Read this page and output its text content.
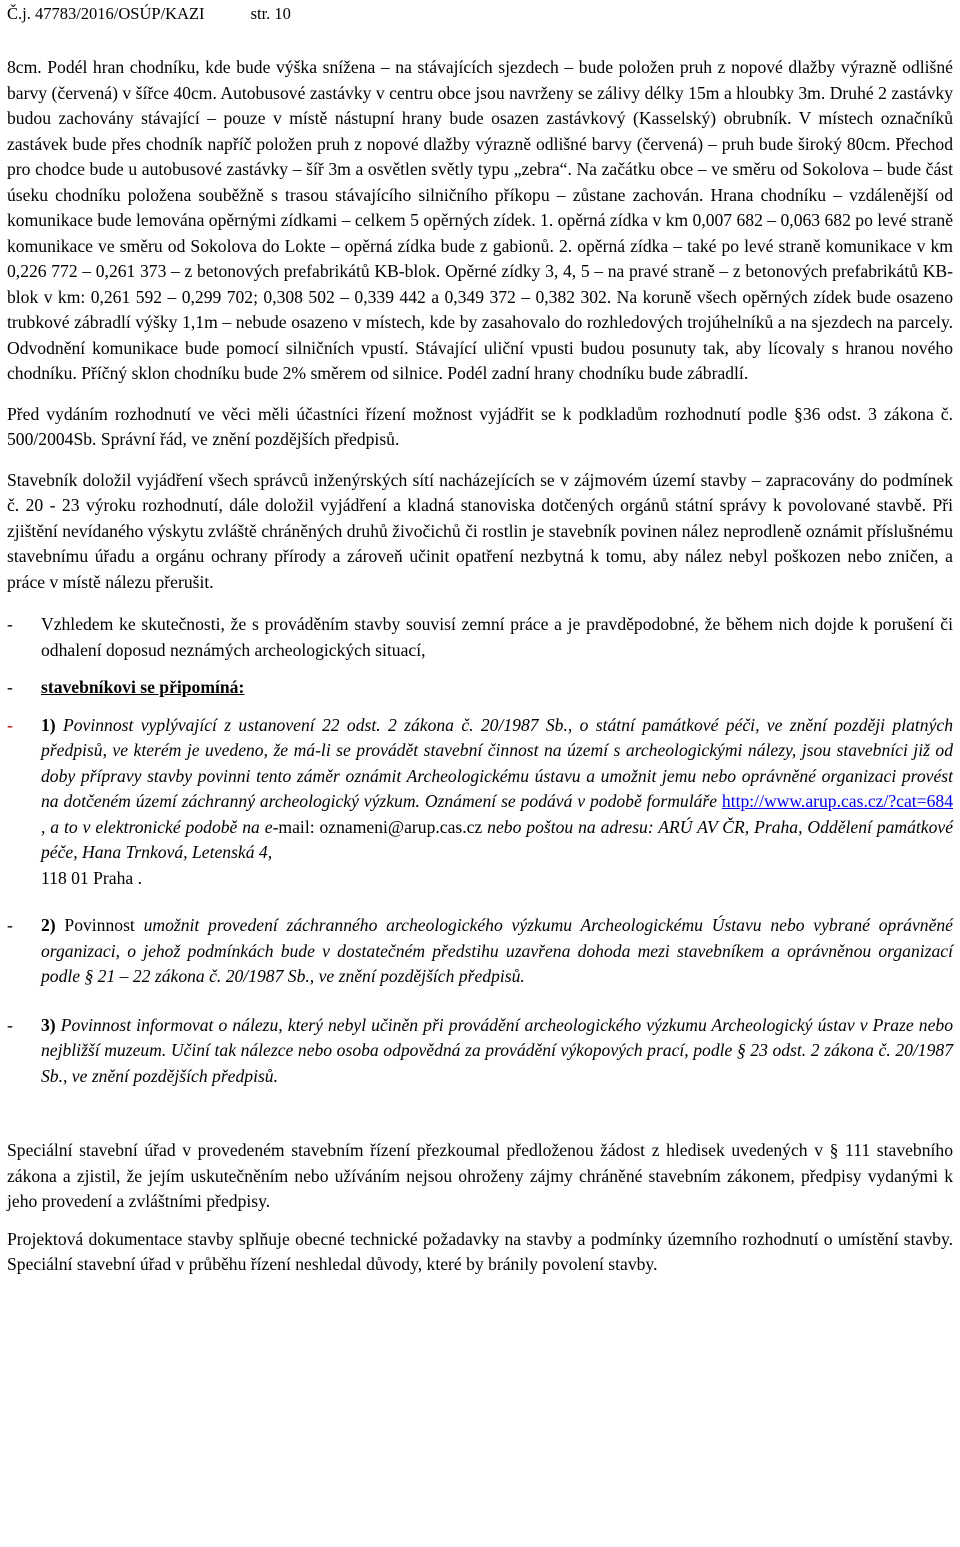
Č.j. 47783/2016/OSÚP/KAZI	str. 10

8cm. Podél hran chodníku, kde bude výška snížena – na stávajících sjezdech – bude položen pruh z nopové dlažby výrazně odlišné barvy (červená) v šířce 40cm. Autobusové zastávky v centru obce jsou navrženy se zálivy délky 15m a hloubky 3m. Druhé 2 zastávky budou zachovány stávající – pouze v místě nástupní hrany bude osazen zastávkový (Kasselský) obrubník. V místech označníků zastávek bude přes chodník napříč položen pruh z nopové dlažby výrazně odlišné barvy (červená) – pruh bude široký 80cm. Přechod pro chodce bude u autobusové zastávky – šíř 3m a osvětlen světly typu „zebra“. Na začátku obce – ve směru od Sokolova – bude část úseku chodníku položena souběžně s trasou stávajícího silničního příkopu – zůstane zachován. Hrana chodníku – vzdálenější od komunikace bude lemována opěrnými zídkami – celkem 5 opěrných zídek. 1. opěrná zídka v km 0,007 682 – 0,063 682 po levé straně komunikace ve směru od Sokolova do Lokte – opěrná zídka bude z gabionů. 2. opěrná zídka – také po levé straně komunikace v km 0,226 772 – 0,261 373 – z betonových prefabrikátů KB-blok. Opěrné zídky 3, 4, 5 – na pravé straně – z betonových prefabrikátů KB-blok v km: 0,261 592 – 0,299 702; 0,308 502 – 0,339 442 a 0,349 372 – 0,382 302. Na koruně všech opěrných zídek bude osazeno trubkové zábradlí výšky 1,1m – nebude osazeno v místech, kde by zasahovalo do rozhledových trojúhelníků a na sjezdech na parcely. Odvodnění komunikace bude pomocí silničních vpustí. Stávající uliční vpusti budou posunuty tak, aby lícovaly s hranou nového chodníku. Příčný sklon chodníku bude 2% směrem od silnice. Podél zadní hrany chodníku bude zábradlí.

Před vydáním rozhodnutí ve věci měli účastníci řízení možnost vyjádřit se k podkladům rozhodnutí podle §36 odst. 3 zákona č. 500/2004Sb. Správní řád, ve znění pozdějších předpisů.

Stavebník doložil vyjádření všech správců inženýrských sítí nacházejících se v zájmovém území stavby – zapracovány do podmínek č. 20 - 23 výroku rozhodnutí, dále doložil vyjádření a kladná stanoviska dotčených orgánů státní správy k povolované stavbě. Při zjištění nevídaného výskytu zvláště chráněných druhů živočichů či rostlin je stavebník povinen nález neprodleně oznámit příslušnému stavebnímu úřadu a orgánu ochrany přírody a zároveň učinit opatření nezbytná k tomu, aby nález nebyl poškozen nebo zničen, a práce v místě nálezu přerušit.

- Vzhledem ke skutečnosti, že s prováděním stavby souvisí zemní práce a je pravděpodobné, že během nich dojde k porušení či odhalení doposud neznámých archeologických situací,
- stavebníkovi se připomíná:
- 1) Povinnost vyplývající z ustanovení 22 odst. 2 zákona č. 20/1987 Sb., o státní památkové péči, ve znění později platných předpisů, ve kterém je uvedeno, že má-li se provádět stavební činnost na území s archeologickými nálezy, jsou stavebníci již od doby přípravy stavby povinni tento záměr oznámit Archeologickému ústavu a umožnit jemu nebo oprávněné organizaci provést na dotčeném území záchranný archeologický výzkum. Oznámení se podává v podobě formuláře http://www.arup.cas.cz/?cat=684 , a to v elektronické podobě na e-mail: oznameni@arup.cas.cz nebo poštou na adresu: ARÚ AV ČR, Praha, Oddělení památkové péče, Hana Trnková, Letenská 4,
118 01 Praha .
- 2) Povinnost umožnit provedení záchranného archeologického výzkumu Archeologickému Ústavu nebo vybrané oprávněné organizaci, o jehož podmínkách bude v dostatečném předstihu uzavřena dohoda mezi stavebníkem a oprávněnou organizací podle § 21 – 22 zákona č. 20/1987 Sb., ve znění pozdějších předpisů.
- 3) Povinnost informovat o nálezu, který nebyl učiněn při provádění archeologického výzkumu Archeologický ústav v Praze nebo nejbližší muzeum. Učiní tak nálezce nebo osoba odpovědná za provádění výkopových prací, podle § 23 odst. 2 zákona č. 20/1987 Sb., ve znění pozdějších předpisů.

Speciální stavební úřad v provedeném stavebním řízení přezkoumal předloženou žádost z hledisek uvedených v § 111 stavebního zákona a zjistil, že jejím uskutečněním nebo užíváním nejsou ohroženy zájmy chráněné stavebním zákonem, předpisy vydanými k jeho provedení a zvláštními předpisy.

Projektová dokumentace stavby splňuje obecné technické požadavky na stavby a podmínky územního rozhodnutí o umístění stavby. Speciální stavební úřad v průběhu řízení neshledal důvody, které by bránily povolení stavby.
